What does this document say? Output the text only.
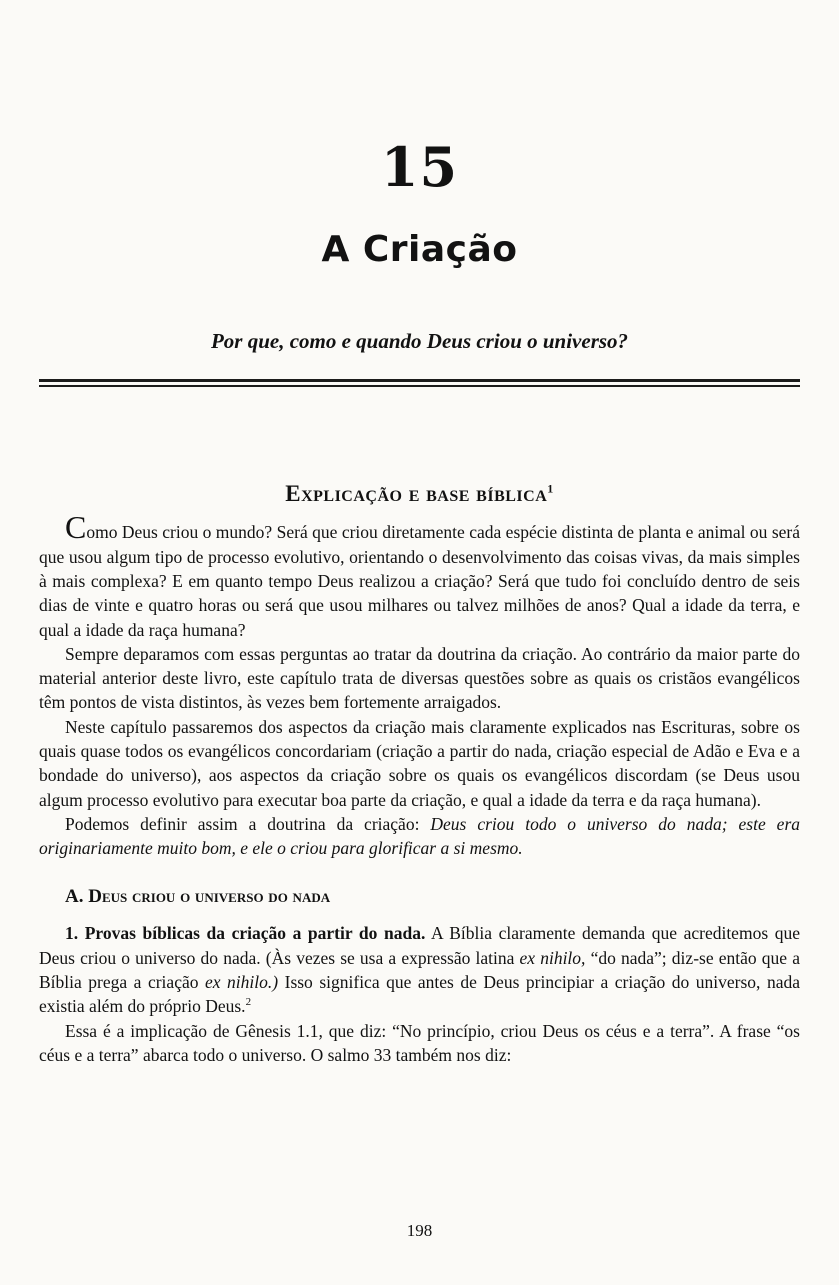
15
A Criação

Por que, como e quando Deus criou o universo?

Explicação e base bíblica$^1$

Como Deus criou o mundo? Será que criou diretamente cada espécie distinta de planta e animal ou será que usou algum tipo de processo evolutivo, orientando o desenvolvimento das coisas vivas, da mais simples à mais complexa? E em quanto tempo Deus realizou a criação? Será que tudo foi concluído dentro de seis dias de vinte e quatro horas ou será que usou milhares ou talvez milhões de anos? Qual a idade da terra, e qual a idade da raça humana?

Sempre deparamos com essas perguntas ao tratar da doutrina da criação. Ao contrário da maior parte do material anterior deste livro, este capítulo trata de diversas questões sobre as quais os cristãos evangélicos têm pontos de vista distintos, às vezes bem fortemente arraigados.

Neste capítulo passaremos dos aspectos da criação mais claramente explicados nas Escrituras, sobre os quais quase todos os evangélicos concordariam (criação a partir do nada, criação especial de Adão e Eva e a bondade do universo), aos aspectos da criação sobre os quais os evangélicos discordam (se Deus usou algum processo evolutivo para executar boa parte da criação, e qual a idade da terra e da raça humana).

Podemos definir assim a doutrina da criação: Deus criou todo o universo do nada; este era originariamente muito bom, e ele o criou para glorificar a si mesmo.

A. Deus criou o universo do nada

1. Provas bíblicas da criação a partir do nada. A Bíblia claramente demanda que acreditemos que Deus criou o universo do nada. (Às vezes se usa a expressão latina ex nihilo, “do nada”; diz-se então que a Bíblia prega a criação ex nihilo.) Isso significa que antes de Deus principiar a criação do universo, nada existia além do próprio Deus.$^2$

Essa é a implicação de Gênesis 1.1, que diz: “No princípio, criou Deus os céus e a terra”. A frase “os céus e a terra” abarca todo o universo. O salmo 33 também nos diz:

198
